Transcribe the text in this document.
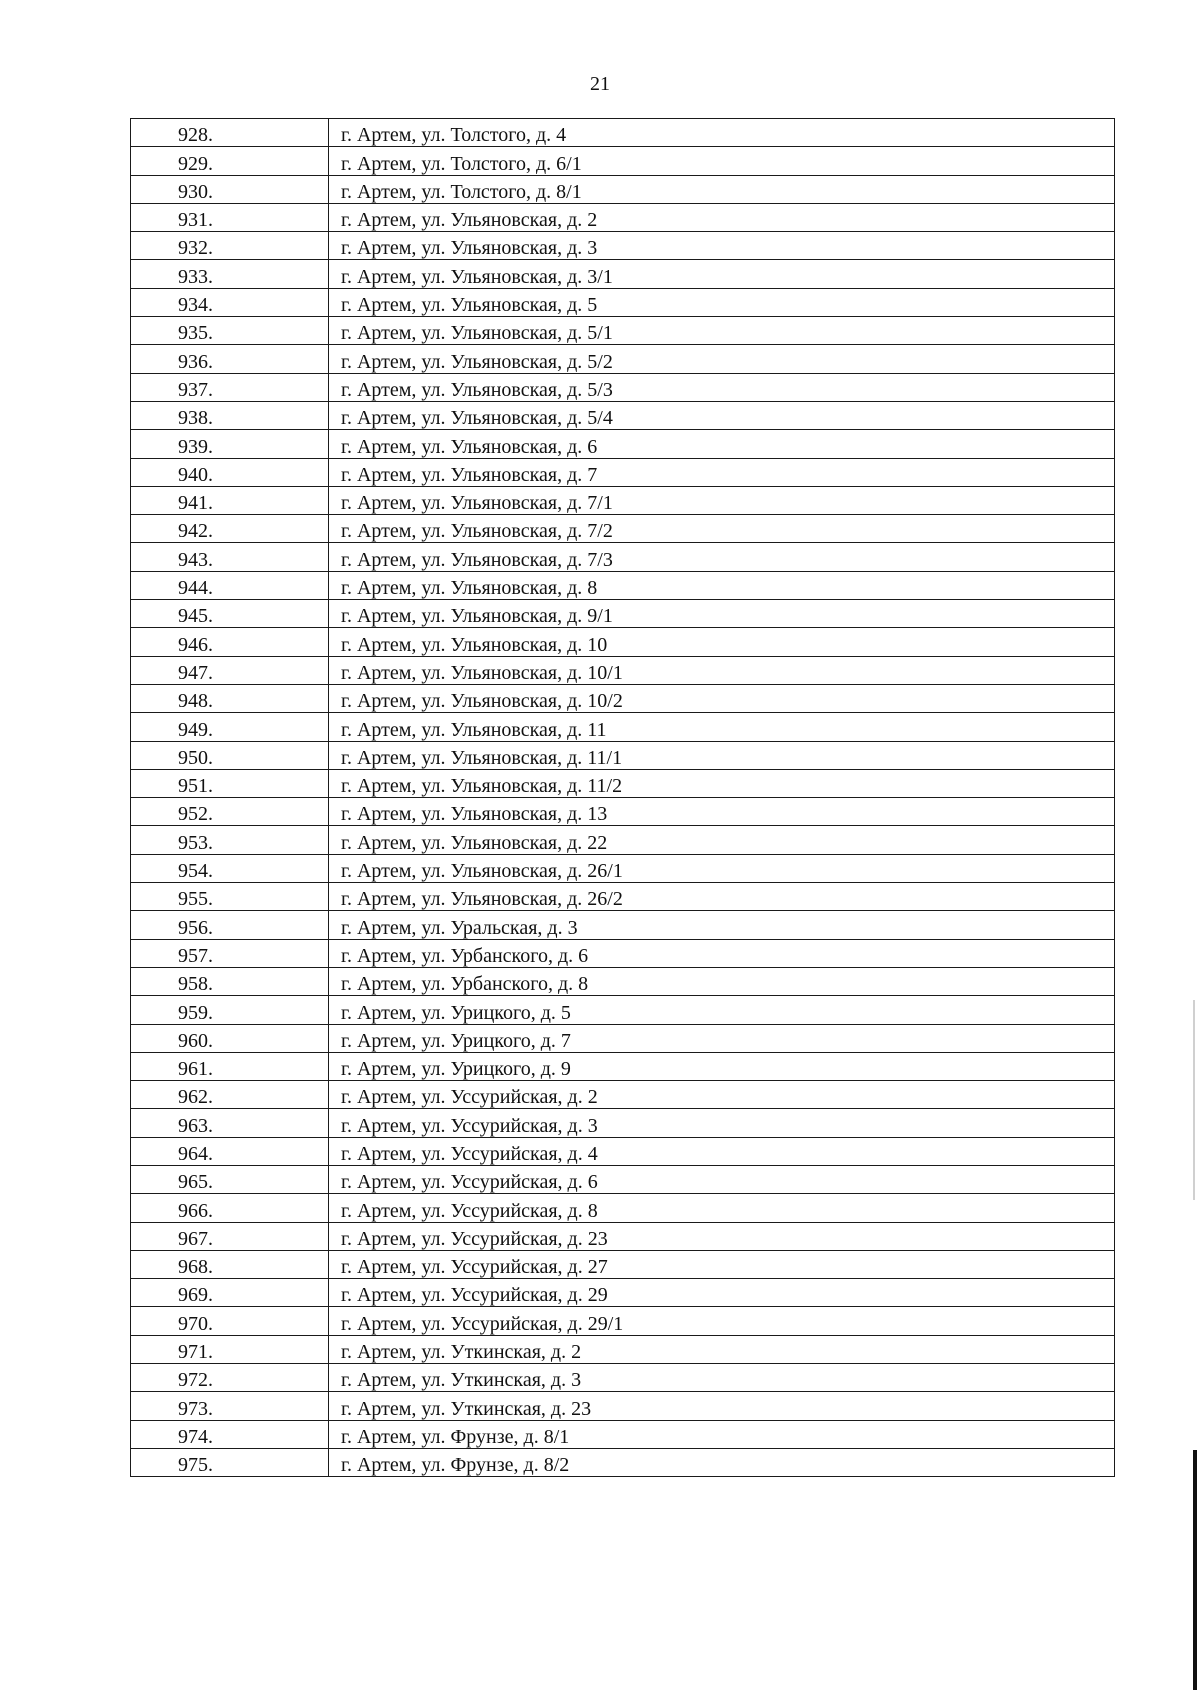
21
928.	г. Артем, ул. Толстого, д. 4
929.	г. Артем, ул. Толстого, д. 6/1
930.	г. Артем, ул. Толстого, д. 8/1
931.	г. Артем, ул. Ульяновская, д. 2
932.	г. Артем, ул. Ульяновская, д. 3
933.	г. Артем, ул. Ульяновская, д. 3/1
934.	г. Артем, ул. Ульяновская, д. 5
935.	г. Артем, ул. Ульяновская, д. 5/1
936.	г. Артем, ул. Ульяновская, д. 5/2
937.	г. Артем, ул. Ульяновская, д. 5/3
938.	г. Артем, ул. Ульяновская, д. 5/4
939.	г. Артем, ул. Ульяновская, д. 6
940.	г. Артем, ул. Ульяновская, д. 7
941.	г. Артем, ул. Ульяновская, д. 7/1
942.	г. Артем, ул. Ульяновская, д. 7/2
943.	г. Артем, ул. Ульяновская, д. 7/3
944.	г. Артем, ул. Ульяновская, д. 8
945.	г. Артем, ул. Ульяновская, д. 9/1
946.	г. Артем, ул. Ульяновская, д. 10
947.	г. Артем, ул. Ульяновская, д. 10/1
948.	г. Артем, ул. Ульяновская, д. 10/2
949.	г. Артем, ул. Ульяновская, д. 11
950.	г. Артем, ул. Ульяновская, д. 11/1
951.	г. Артем, ул. Ульяновская, д. 11/2
952.	г. Артем, ул. Ульяновская, д. 13
953.	г. Артем, ул. Ульяновская, д. 22
954.	г. Артем, ул. Ульяновская, д. 26/1
955.	г. Артем, ул. Ульяновская, д. 26/2
956.	г. Артем, ул. Уральская, д. 3
957.	г. Артем, ул. Урбанского, д. 6
958.	г. Артем, ул. Урбанского, д. 8
959.	г. Артем, ул. Урицкого, д. 5
960.	г. Артем, ул. Урицкого, д. 7
961.	г. Артем, ул. Урицкого, д. 9
962.	г. Артем, ул. Уссурийская, д. 2
963.	г. Артем, ул. Уссурийская, д. 3
964.	г. Артем, ул. Уссурийская, д. 4
965.	г. Артем, ул. Уссурийская, д. 6
966.	г. Артем, ул. Уссурийская, д. 8
967.	г. Артем, ул. Уссурийская, д. 23
968.	г. Артем, ул. Уссурийская, д. 27
969.	г. Артем, ул. Уссурийская, д. 29
970.	г. Артем, ул. Уссурийская, д. 29/1
971.	г. Артем, ул. Уткинская, д. 2
972.	г. Артем, ул. Уткинская, д. 3
973.	г. Артем, ул. Уткинская, д. 23
974.	г. Артем, ул. Фрунзе, д. 8/1
975.	г. Артем, ул. Фрунзе, д. 8/2
